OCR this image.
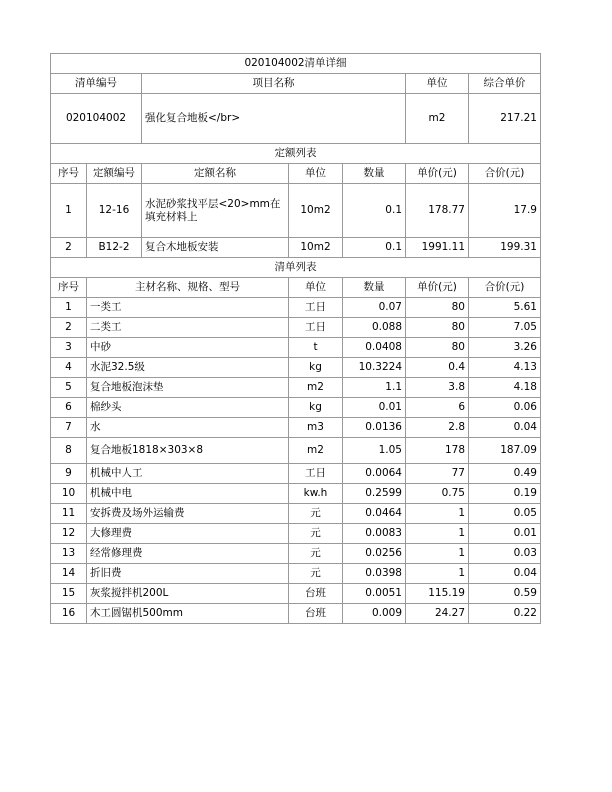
020104002清单详细						
清单编号		项目名称			单位	综合单价
020104002		强化复合地板</br>			m2	217.21
定额列表						
序号	定额编号	定额名称	单位	数量	单价(元)	合价(元)
1	12-16	水泥砂浆找平层<20>mm在填充材料上	10m2	0.1	178.77	17.9
2	B12-2	复合木地板安装	10m2	0.1	1991.11	199.31
清单列表						
序号	主材名称、规格、型号		单位	数量	单价(元)	合价(元)
1	一类工		工日	0.07	80	5.61
2	二类工		工日	0.088	80	7.05
3	中砂		t	0.0408	80	3.26
4	水泥32.5级		kg	10.3224	0.4	4.13
5	复合地板泡沫垫		m2	1.1	3.8	4.18
6	棉纱头		kg	0.01	6	0.06
7	水		m3	0.0136	2.8	0.04
8	复合地板1818×303×8		m2	1.05	178	187.09
9	机械中人工		工日	0.0064	77	0.49
10	机械中电		kw.h	0.2599	0.75	0.19
11	安拆费及场外运输费		元	0.0464	1	0.05
12	大修理费		元	0.0083	1	0.01
13	经常修理费		元	0.0256	1	0.03
14	折旧费		元	0.0398	1	0.04
15	灰浆搅拌机200L		台班	0.0051	115.19	0.59
16	木工圆锯机500mm		台班	0.009	24.27	0.22
